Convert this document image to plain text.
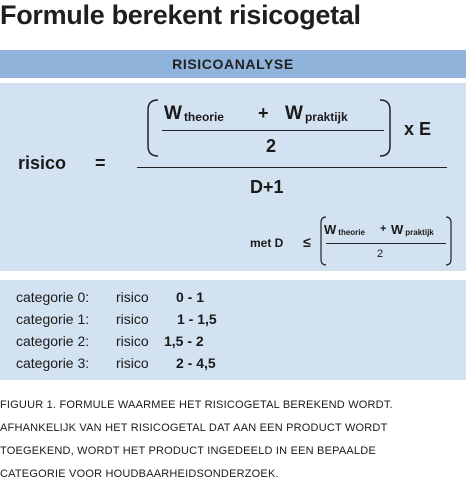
Formule berekent risicogetal
RISICOANALYSE
risico =
W $_{theorie}$ + W $_{praktijk}$
2
x E
D+1
met D ≤
W $_{theorie}$ + W $_{praktijk}$
2
categorie 0: risico 0 - 1
categorie 1: risico 1 - 1,5
categorie 2: risico 1,5 - 2
categorie 3: risico 2 - 4,5
FIGUUR 1. FORMULE WAARMEE HET RISICOGETAL BEREKEND WORDT.
AFHANKELIJK VAN HET RISICOGETAL DAT AAN EEN PRODUCT WORDT
TOEGEKEND, WORDT HET PRODUCT INGEDEELD IN EEN BEPAALDE
CATEGORIE VOOR HOUDBAARHEIDSONDERZOEK.
